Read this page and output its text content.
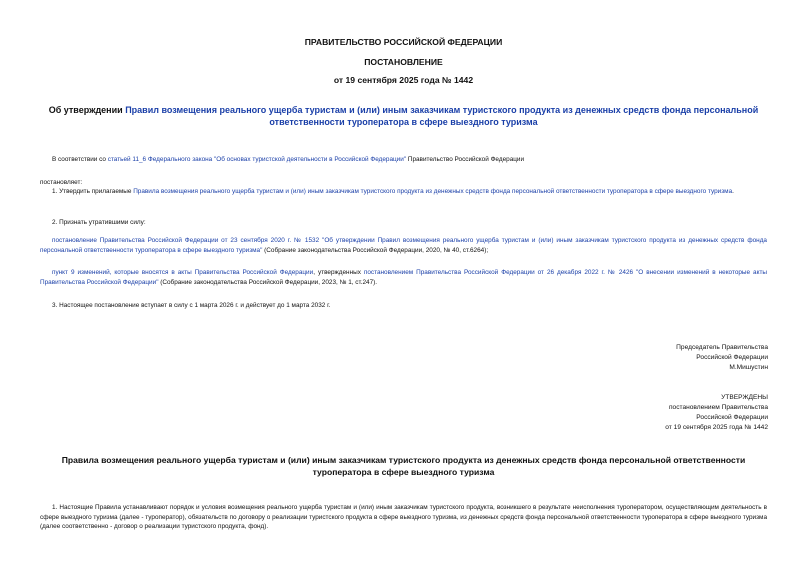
ПРАВИТЕЛЬСТВО РОССИЙСКОЙ ФЕДЕРАЦИИ
ПОСТАНОВЛЕНИЕ
от 19 сентября 2025 года № 1442
Об утверждении Правил возмещения реального ущерба туристам и (или) иным заказчикам туристского продукта из денежных средств фонда персональной ответственности туроператора в сфере выездного туризма
В соответствии со статьей 11_6 Федерального закона "Об основах туристской деятельности в Российской Федерации" Правительство Российской Федерации
постановляет:
1. Утвердить прилагаемые Правила возмещения реального ущерба туристам и (или) иным заказчикам туристского продукта из денежных средств фонда персональной ответственности туроператора в сфере выездного туризма.
2. Признать утратившими силу:
постановление Правительства Российской Федерации от 23 сентября 2020 г. № 1532 "Об утверждении Правил возмещения реального ущерба туристам и (или) иным заказчикам туристского продукта из денежных средств фонда персональной ответственности туроператора в сфере выездного туризма" (Собрание законодательства Российской Федерации, 2020, № 40, ст.6264);
пункт 9 изменений, которые вносятся в акты Правительства Российской Федерации, утвержденных постановлением Правительства Российской Федерации от 26 декабря 2022 г. № 2426 "О внесении изменений в некоторые акты Правительства Российской Федерации" (Собрание законодательства Российской Федерации, 2023, № 1, ст.247).
3. Настоящее постановление вступает в силу с 1 марта 2026 г. и действует до 1 марта 2032 г.
Председатель Правительства
Российской Федерации
М.Мишустин
УТВЕРЖДЕНЫ
постановлением Правительства
Российской Федерации
от 19 сентября 2025 года № 1442
Правила возмещения реального ущерба туристам и (или) иным заказчикам туристского продукта из денежных средств фонда персональной ответственности туроператора в сфере выездного туризма
1. Настоящие Правила устанавливают порядок и условия возмещения реального ущерба туристам и (или) иным заказчикам туристского продукта, возникшего в результате неисполнения туроператором, осуществляющим деятельность в сфере выездного туризма (далее - туроператор), обязательств по договору о реализации туристского продукта в сфере выездного туризма, из денежных средств фонда персональной ответственности туроператора в сфере выездного туризма (далее соответственно - договор о реализации туристского продукта, фонд).
